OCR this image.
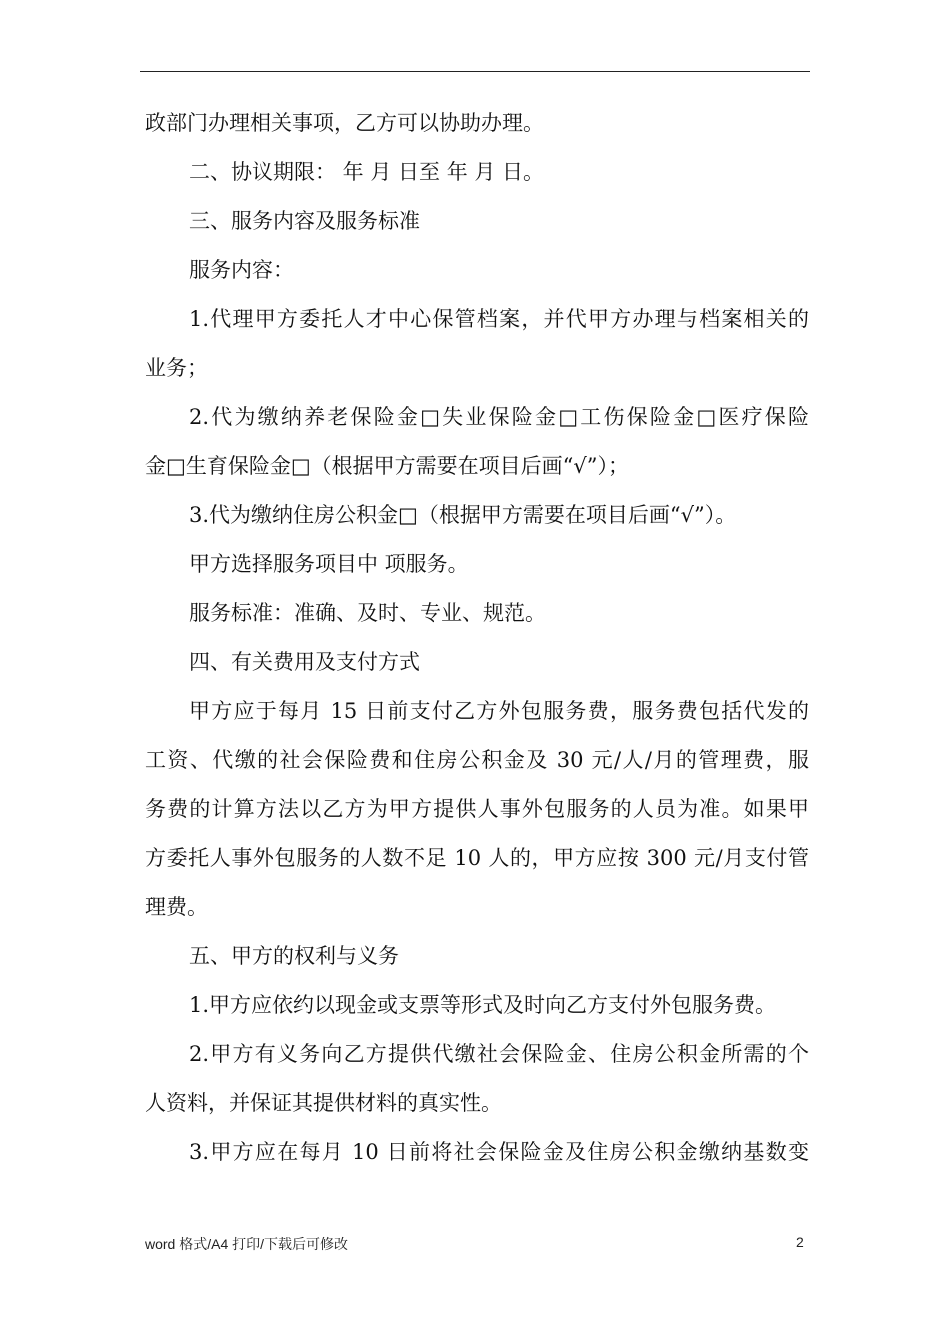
政部门办理相关事项，乙方可以协助办理。
二、协议期限： 年 月 日至 年 月 日。
三、服务内容及服务标准
服务内容：
1.代理甲方委托人才中心保管档案，并代甲方办理与档案相关的
业务；
2.代为缴纳养老保险金□失业保险金□工伤保险金□医疗保险
金□生育保险金□（根据甲方需要在项目后画“√”）；
3.代为缴纳住房公积金□（根据甲方需要在项目后画“√”）。
甲方选择服务项目中 项服务。
服务标准：准确、及时、专业、规范。
四、有关费用及支付方式
甲方应于每月 15 日前支付乙方外包服务费，服务费包括代发的
工资、代缴的社会保险费和住房公积金及 30 元/人/月的管理费，服
务费的计算方法以乙方为甲方提供人事外包服务的人员为准。如果甲
方委托人事外包服务的人数不足 10 人的，甲方应按 300 元/月支付管
理费。
五、甲方的权利与义务
1.甲方应依约以现金或支票等形式及时向乙方支付外包服务费。
2.甲方有义务向乙方提供代缴社会保险金、住房公积金所需的个
人资料，并保证其提供材料的真实性。
3.甲方应在每月 10 日前将社会保险金及住房公积金缴纳基数变
word 格式/A4 打印/下载后可修改	2
